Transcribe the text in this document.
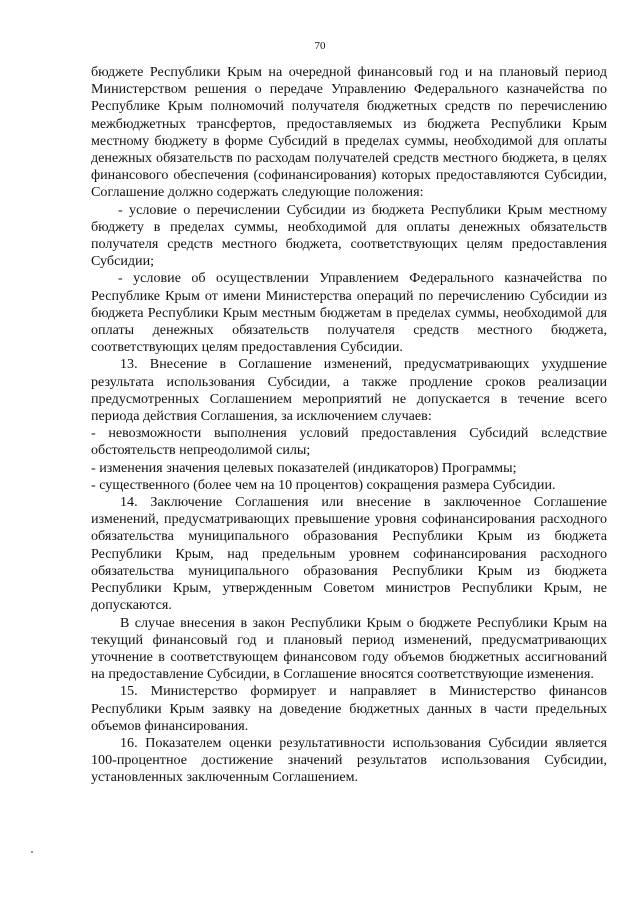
70

бюджете Республики Крым на очередной финансовый год и на плановый период Министерством решения о передаче Управлению Федерального казначейства по Республике Крым полномочий получателя бюджетных средств по перечислению межбюджетных трансфертов, предоставляемых из бюджета Республики Крым местному бюджету в форме Субсидий в пределах суммы, необходимой для оплаты денежных обязательств по расходам получателей средств местного бюджета, в целях финансового обеспечения (софинансирования) которых предоставляются Субсидии, Соглашение должно содержать следующие положения:

- условие о перечислении Субсидии из бюджета Республики Крым местному бюджету в пределах суммы, необходимой для оплаты денежных обязательств получателя средств местного бюджета, соответствующих целям предоставления Субсидии;

- условие об осуществлении Управлением Федерального казначейства по Республике Крым от имени Министерства операций по перечислению Субсидии из бюджета Республики Крым местным бюджетам в пределах суммы, необходимой для оплаты денежных обязательств получателя средств местного бюджета, соответствующих целям предоставления Субсидии.

13. Внесение в Соглашение изменений, предусматривающих ухудшение результата использования Субсидии, а также продление сроков реализации предусмотренных Соглашением мероприятий не допускается в течение всего периода действия Соглашения, за исключением случаев:

- невозможности выполнения условий предоставления Субсидий вследствие обстоятельств непреодолимой силы;

- изменения значения целевых показателей (индикаторов) Программы;

- существенного (более чем на 10 процентов) сокращения размера Субсидии.

14. Заключение Соглашения или внесение в заключенное Соглашение изменений, предусматривающих превышение уровня софинансирования расходного обязательства муниципального образования Республики Крым из бюджета Республики Крым, над предельным уровнем софинансирования расходного обязательства муниципального образования Республики Крым из бюджета Республики Крым, утвержденным Советом министров Республики Крым, не допускаются.

В случае внесения в закон Республики Крым о бюджете Республики Крым на текущий финансовый год и плановый период изменений, предусматривающих уточнение в соответствующем финансовом году объемов бюджетных ассигнований на предоставление Субсидии, в Соглашение вносятся соответствующие изменения.

15. Министерство формирует и направляет в Министерство финансов Республики Крым заявку на доведение бюджетных данных в части предельных объемов финансирования.

16. Показателем оценки результативности использования Субсидии является 100-процентное достижение значений результатов использования Субсидии, установленных заключенным Соглашением.
